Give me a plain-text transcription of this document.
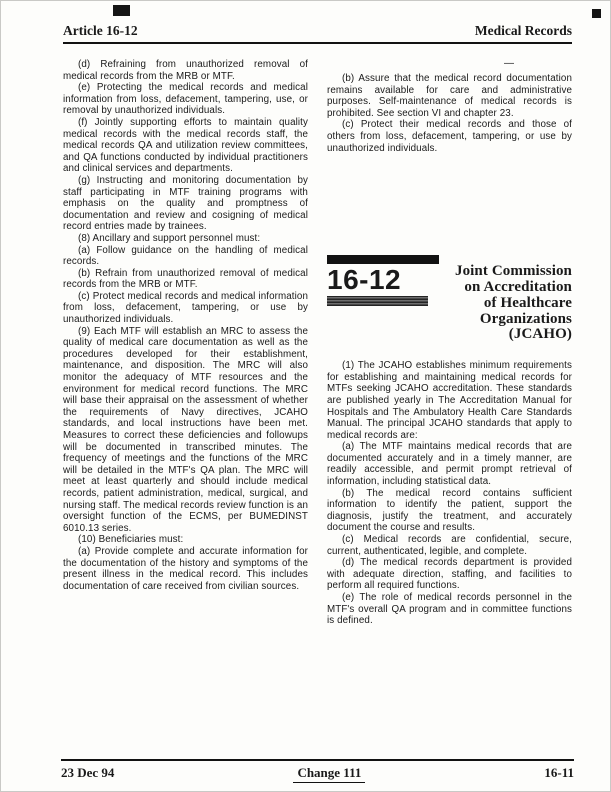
Article 16-12	Medical Records

(d) Refraining from unauthorized removal of medical records from the MRB or MTF.

(e) Protecting the medical records and medical information from loss, defacement, tampering, use, or removal by unauthorized individuals.

(f) Jointly supporting efforts to maintain quality medical records with the medical records staff, the medical records QA and utilization review committees, and QA functions conducted by individual practitioners and clinical services and departments.

(g) Instructing and monitoring documentation by staff participating in MTF training programs with emphasis on the quality and promptness of documentation and review and cosigning of medical record entries made by trainees.

(8) Ancillary and support personnel must:

(a) Follow guidance on the handling of medical records.

(b) Refrain from unauthorized removal of medical records from the MRB or MTF.

(c) Protect medical records and medical information from loss, defacement, tampering, or use by unauthorized individuals.

(9) Each MTF will establish an MRC to assess the quality of medical care documentation as well as the procedures developed for their establishment, maintenance, and disposition. The MRC will also monitor the adequacy of MTF resources and the environment for medical record functions. The MRC will base their appraisal on the assessment of whether the requirements of Navy directives, JCAHO standards, and local instructions have been met. Measures to correct these deficiencies and followups will be documented in transcribed minutes. The frequency of meetings and the functions of the MRC will be detailed in the MTF's QA plan. The MRC will meet at least quarterly and should include medical records, patient administration, medical, surgical, and nursing staff. The medical records review function is an oversight function of the ECMS, per BUMEDINST 6010.13 series.

(10) Beneficiaries must:

(a) Provide complete and accurate information for the documentation of the history and symptoms of the present illness in the medical record. This includes documentation of care received from civilian sources.

—

(b) Assure that the medical record documentation remains available for care and administrative purposes. Self-maintenance of medical records is prohibited. See section VI and chapter 23.

(c) Protect their medical records and those of others from loss, defacement, tampering, or use by unauthorized individuals.

16-12	Joint Commission
on Accreditation
of Healthcare
Organizations
(JCAHO)

(1) The JCAHO establishes minimum requirements for establishing and maintaining medical records for MTFs seeking JCAHO accreditation. These standards are published yearly in The Accreditation Manual for Hospitals and The Ambulatory Health Care Standards Manual. The principal JCAHO standards that apply to medical records are:

(a) The MTF maintains medical records that are documented accurately and in a timely manner, are readily accessible, and permit prompt retrieval of information, including statistical data.

(b) The medical record contains sufficient information to identify the patient, support the diagnosis, justify the treatment, and accurately document the course and results.

(c) Medical records are confidential, secure, current, authenticated, legible, and complete.

(d) The medical records department is provided with adequate direction, staffing, and facilities to perform all required functions.

(e) The role of medical records personnel in the MTF's overall QA program and in committee functions is defined.

23 Dec 94	Change 111	16-11
